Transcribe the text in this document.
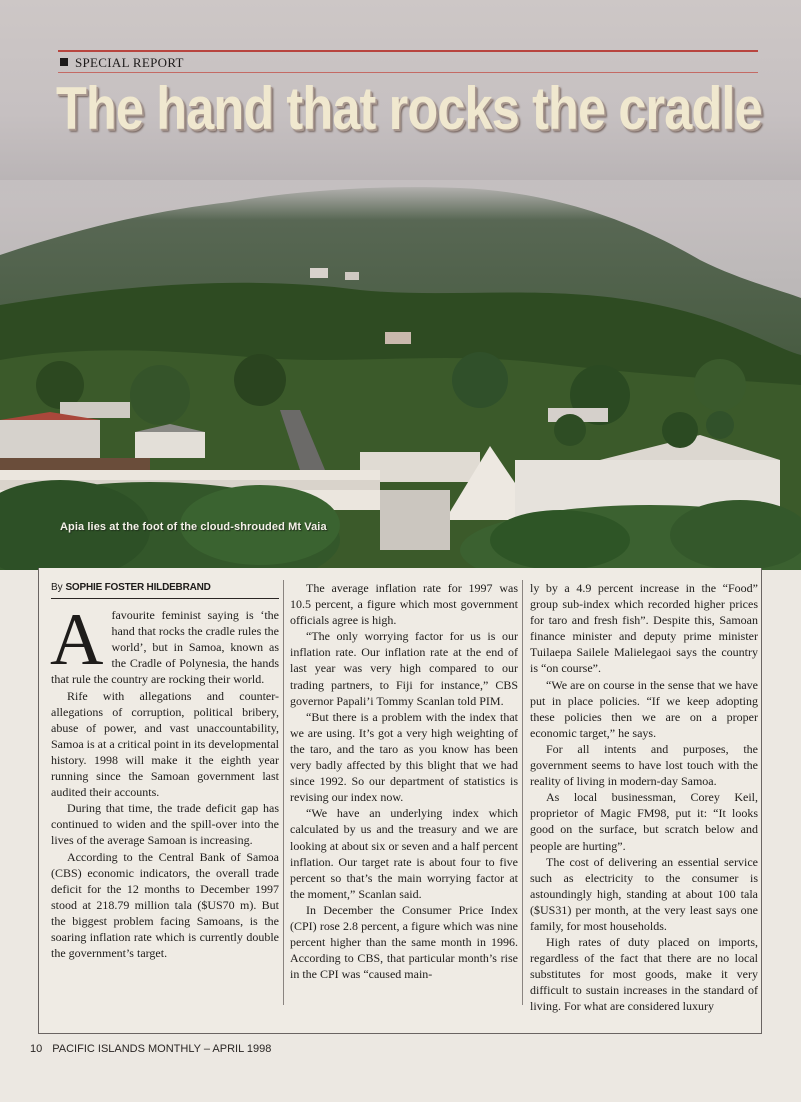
SPECIAL REPORT
The hand that rocks the cradle
Apia lies at the foot of the cloud-shrouded Mt Vaia
By SOPHIE FOSTER HILDEBRAND

A favourite feminist saying is ‘the hand that rocks the cradle rules the world’, but in Samoa, known as the Cradle of Polynesia, the hands that rule the country are rocking their world.

Rife with allegations and counter-allegations of corruption, political bribery, abuse of power, and vast unaccountability, Samoa is at a critical point in its developmental history. 1998 will make it the eighth year running since the Samoan government last audited their accounts.

During that time, the trade deficit gap has continued to widen and the spill-over into the lives of the average Samoan is increasing.

According to the Central Bank of Samoa (CBS) economic indicators, the overall trade deficit for the 12 months to December 1997 stood at 218.79 million tala ($US70 m). But the biggest problem facing Samoans, is the soaring inflation rate which is currently double the government’s target.

The average inflation rate for 1997 was 10.5 percent, a figure which most government officials agree is high.

“The only worrying factor for us is our inflation rate. Our inflation rate at the end of last year was very high compared to our trading partners, to Fiji for instance,” CBS governor Papali’i Tommy Scanlan told PIM.

“But there is a problem with the index that we are using. It’s got a very high weighting of the taro, and the taro as you know has been very badly affected by this blight that we had since 1992. So our department of statistics is revising our index now.

“We have an underlying index which calculated by us and the treasury and we are looking at about six or seven and a half percent inflation. Our target rate is about four to five percent so that’s the main worrying factor at the moment,” Scanlan said.

In December the Consumer Price Index (CPI) rose 2.8 percent, a figure which was nine percent higher than the same month in 1996. According to CBS, that particular month’s rise in the CPI was “caused main-

ly by a 4.9 percent increase in the “Food” group sub-index which recorded higher prices for taro and fresh fish”. Despite this, Samoan finance minister and deputy prime minister Tuilaepa Sailele Malielegaoi says the country is “on course”.

“We are on course in the sense that we have put in place policies. “If we keep adopting these policies then we are on a proper economic target,” he says.

For all intents and purposes, the government seems to have lost touch with the reality of living in modern-day Samoa.

As local businessman, Corey Keil, proprietor of Magic FM98, put it: “It looks good on the surface, but scratch below and people are hurting”.

The cost of delivering an essential service such as electricity to the consumer is astoundingly high, standing at about 100 tala ($US31) per month, at the very least says one family, for most households.

High rates of duty placed on imports, regardless of the fact that there are no local substitutes for most goods, make it very difficult to sustain increases in the standard of living. For what are considered luxury

10 PACIFIC ISLANDS MONTHLY – APRIL 1998
